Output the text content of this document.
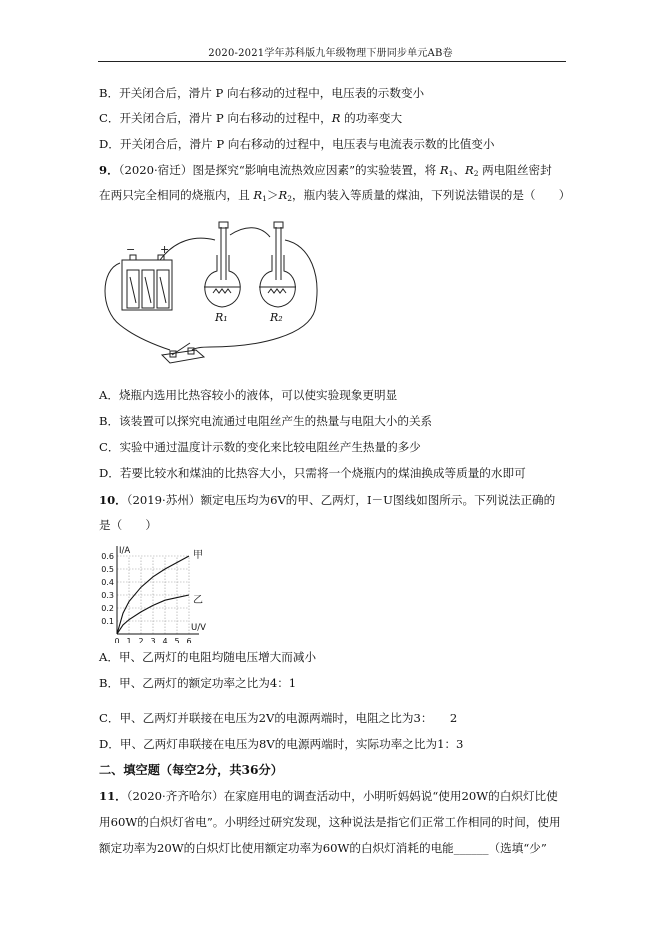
2020-2021学年苏科版九年级物理下册同步单元AB卷
B．开关闭合后，滑片 P 向右移动的过程中，电压表的示数变小
C．开关闭合后，滑片 P 向右移动的过程中，R 的功率变大
D．开关闭合后，滑片 P 向右移动的过程中，电压表与电流表示数的比值变小
9．（2020·宿迁）图是探究“影响电流热效应因素”的实验装置，将 $R_1$、$R_2$ 两电阻丝密封
在两只完全相同的烧瓶内，且 $R_1>R_2$，瓶内装入等质量的煤油，下列说法错误的是（　　）
R₁	R₂
− +
A．烧瓶内选用比热容较小的液体，可以使实验现象更明显
B．该装置可以探究电流通过电阻丝产生的热量与电阻大小的关系
C．实验中通过温度计示数的变化来比较电阻丝产生热量的多少
D．若要比较水和煤油的比热容大小，只需将一个烧瓶内的煤油换成等质量的水即可
10．（2019·苏州）额定电压均为6V的甲、乙两灯，I－U图线如图所示。下列说法正确的
是（　　）
0.1
0.2
0.3
0.4
0.5
0.6
0 1 2 3 4 5 6
甲
乙
I/A
U/V
A．甲、乙两灯的电阻均随电压增大而减小
B．甲、乙两灯的额定功率之比为4：1
C．甲、乙两灯并联接在电压为2V的电源两端时，电阻之比为3：　　2
D．甲、乙两灯串联接在电压为8V的电源两端时，实际功率之比为1：3
二、填空题（每空2分，共36分）
11．（2020·齐齐哈尔）在家庭用电的调查活动中，小明听妈妈说“使用20W的白炽灯比使
用60W的白炽灯省电”。小明经过研究发现，这种说法是指它们正常工作相同的时间，使用
额定功率为20W的白炽灯比使用额定功率为60W的白炽灯消耗的电能______（选填“少”
